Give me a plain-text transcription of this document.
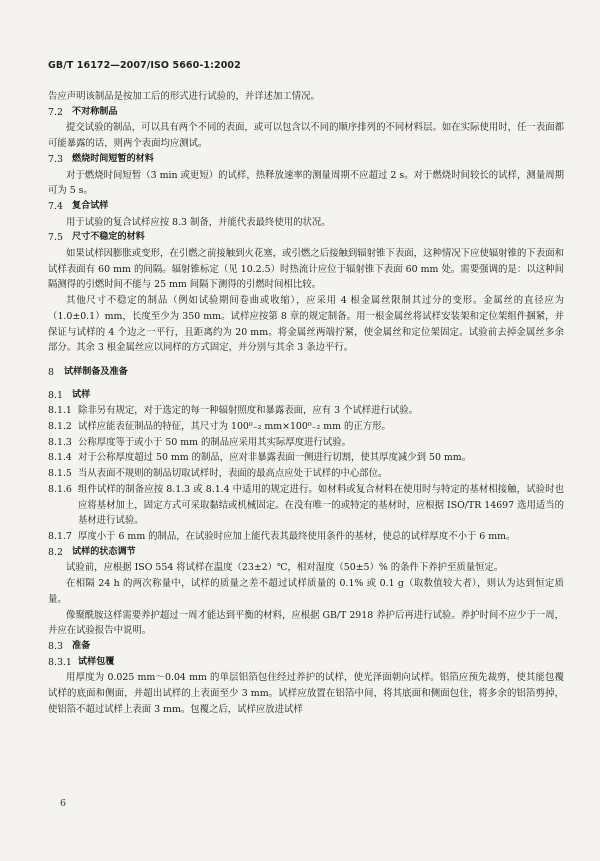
GB/T 16172—2007/ISO 5660-1:2002

告应声明该制品是按加工后的形式进行试验的，并详述加工情况。

7.2 不对称制品

提交试验的制品，可以具有两个不同的表面，或可以包含以不同的顺序排列的不同材料层。如在实际使用时，任一表面都可能暴露的话，则两个表面均应测试。

7.3 燃烧时间短暂的材料

对于燃烧时间短暂（3 min 或更短）的试样，热释放速率的测量周期不应超过 2 s。对于燃烧时间较长的试样，测量周期可为 5 s。

7.4 复合试样

用于试验的复合试样应按 8.3 制备，并能代表最终使用的状况。

7.5 尺寸不稳定的材料

如果试样因膨胀或变形，在引燃之前接触到火花塞，或引燃之后接触到辐射锥下表面，这种情况下应使辐射锥的下表面和试样表面有 60 mm 的间隔。辐射锥标定（见 10.2.5）时热流计应位于辐射锥下表面 60 mm 处。需要强调的是：以这种间隔测得的引燃时间不能与 25 mm 间隔下测得的引燃时间相比较。

其他尺寸不稳定的制品（例如试验期间卷曲或收缩），应采用 4 根金属丝限制其过分的变形。金属丝的直径应为（1.0±0.1）mm，长度至少为 350 mm。试样应按第 8 章的规定制备。用一根金属丝将试样安装架和定位架组件捆紧，并保证与试样的 4 个边之一平行，且距离约为 20 mm。将金属丝两端拧紧，使金属丝和定位架固定。试验前去掉金属丝多余部分。其余 3 根金属丝应以同样的方式固定，并分别与其余 3 条边平行。

8	试样制备及准备
8.1 试样
8.1.1 除非另有规定，对于选定的每一种辐射照度和暴露表面，应有 3 个试样进行试验。
8.1.2 试样应能表征制品的特征，其尺寸为 100⁰₋₂ mm×100⁰₋₂ mm 的正方形。
8.1.3 公称厚度等于或小于 50 mm 的制品应采用其实际厚度进行试验。
8.1.4 对于公称厚度超过 50 mm 的制品，应对非暴露表面一侧进行切割，使其厚度减少到 50 mm。
8.1.5 当从表面不规则的制品切取试样时，表面的最高点应处于试样的中心部位。
8.1.6 组件试样的制备应按 8.1.3 或 8.1.4 中适用的规定进行。如材料或复合材料在使用时与特定的基材相接触，试验时也应将基材加上，固定方式可采取黏结或机械固定。在没有唯一的或特定的基材时，应根据 ISO/TR 14697 选用适当的基材进行试验。
8.1.7 厚度小于 6 mm 的制品，在试验时应加上能代表其最终使用条件的基材，使总的试样厚度不小于 6 mm。
8.2 试样的状态调节

试验前，应根据 ISO 554 将试样在温度（23±2）℃，相对湿度（50±5）% 的条件下养护至质量恒定。

在相隔 24 h 的两次称量中，试样的质量之差不超过试样质量的 0.1% 或 0.1 g（取数值较大者），则认为达到恒定质量。

像聚酰胺这样需要养护超过一周才能达到平衡的材料，应根据 GB/T 2918 养护后再进行试验。养护时间不应少于一周，并应在试验报告中说明。

8.3 准备
8.3.1 试样包覆

用厚度为 0.025 mm～0.04 mm 的单层铝箔包住经过养护的试样，使光泽面朝向试样。铝箔应预先裁剪，使其能包覆试样的底面和侧面，并超出试样的上表面至少 3 mm。试样应放置在铝箔中间，将其底面和侧面包住，将多余的铝箔剪掉，使铝箔不超过试样上表面 3 mm。包覆之后，试样应放进试样

6
